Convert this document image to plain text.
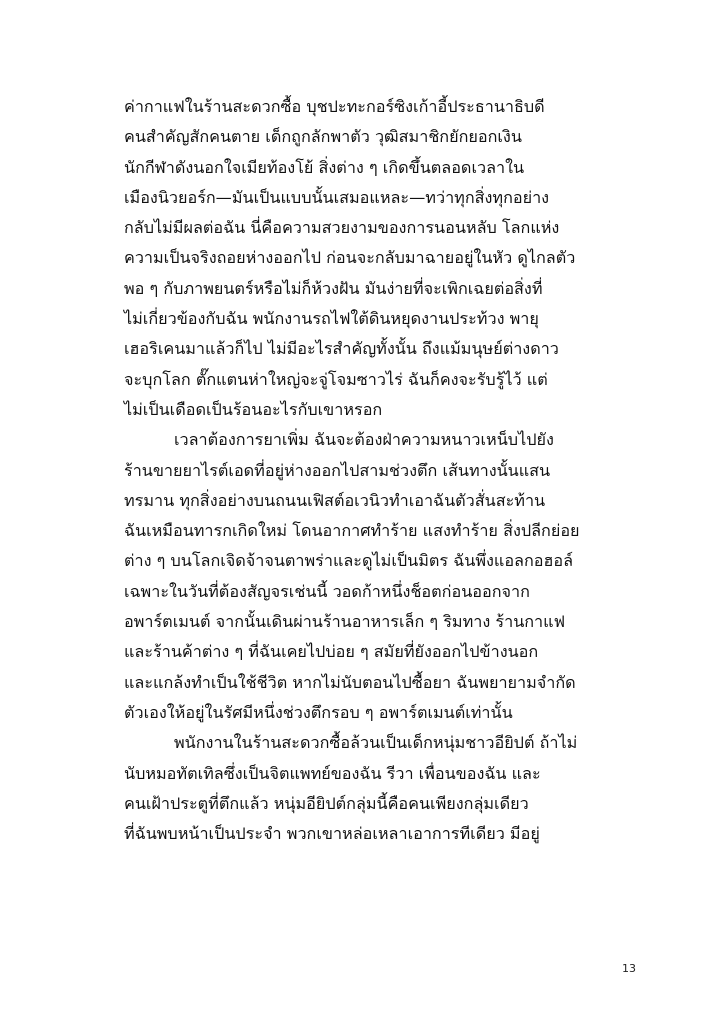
ค่ากาแฟในร้านสะดวกซื้อ บุชปะทะกอร์ซิงเก้าอี้ประธานาธิบดี
คนสำคัญสักคนตาย เด็กถูกลักพาตัว วุฒิสมาชิกยักยอกเงิน
นักกีฬาดังนอกใจเมียท้องโย้ สิ่งต่าง ๆ เกิดขึ้นตลอดเวลาใน
เมืองนิวยอร์ก—มันเป็นแบบนั้นเสมอแหละ—ทว่าทุกสิ่งทุกอย่าง
กลับไม่มีผลต่อฉัน นี่คือความสวยงามของการนอนหลับ โลกแห่ง
ความเป็นจริงถอยห่างออกไป ก่อนจะกลับมาฉายอยู่ในหัว ดูไกลตัว
พอ ๆ กับภาพยนตร์หรือไม่ก็ห้วงฝัน มันง่ายที่จะเพิกเฉยต่อสิ่งที่
ไม่เกี่ยวข้องกับฉัน พนักงานรถไฟใต้ดินหยุดงานประท้วง พายุ
เฮอริเคนมาแล้วก็ไป ไม่มีอะไรสำคัญทั้งนั้น ถึงแม้มนุษย์ต่างดาว
จะบุกโลก ตั๊กแตนห่าใหญ่จะจู่โจมซาวไร่ ฉันก็คงจะรับรู้ไว้ แต่
ไม่เป็นเดือดเป็นร้อนอะไรกับเขาหรอก
เวลาต้องการยาเพิ่ม ฉันจะต้องฝ่าความหนาวเหน็บไปยัง
ร้านขายยาไรต์เอดที่อยู่ห่างออกไปสามช่วงตึก เส้นทางนั้นแสน
ทรมาน ทุกสิ่งอย่างบนถนนเฟิสต์อเวนิวทำเอาฉันตัวสั่นสะท้าน
ฉันเหมือนทารกเกิดใหม่ โดนอากาศทำร้าย แสงทำร้าย สิ่งปลีกย่อย
ต่าง ๆ บนโลกเจิดจ้าจนตาพร่าและดูไม่เป็นมิตร ฉันพึ่งแอลกอฮอล์
เฉพาะในวันที่ต้องสัญจรเช่นนี้ วอดก้าหนึ่งช็อตก่อนออกจาก
อพาร์ตเมนต์ จากนั้นเดินผ่านร้านอาหารเล็ก ๆ ริมทาง ร้านกาแฟ
และร้านค้าต่าง ๆ ที่ฉันเคยไปบ่อย ๆ สมัยที่ยังออกไปข้างนอก
และแกล้งทำเป็นใช้ชีวิต หากไม่นับตอนไปซื้อยา ฉันพยายามจำกัด
ตัวเองให้อยู่ในรัศมีหนึ่งช่วงตึกรอบ ๆ อพาร์ตเมนต์เท่านั้น
พนักงานในร้านสะดวกซื้อล้วนเป็นเด็กหนุ่มชาวอียิปต์ ถ้าไม่
นับหมอทัตเทิลซึ่งเป็นจิตแพทย์ของฉัน รีวา เพื่อนของฉัน และ
คนเฝ้าประตูที่ตึกแล้ว หนุ่มอียิปต์กลุ่มนี้คือคนเพียงกลุ่มเดียว
ที่ฉันพบหน้าเป็นประจำ พวกเขาหล่อเหลาเอาการทีเดียว มีอยู่
13
